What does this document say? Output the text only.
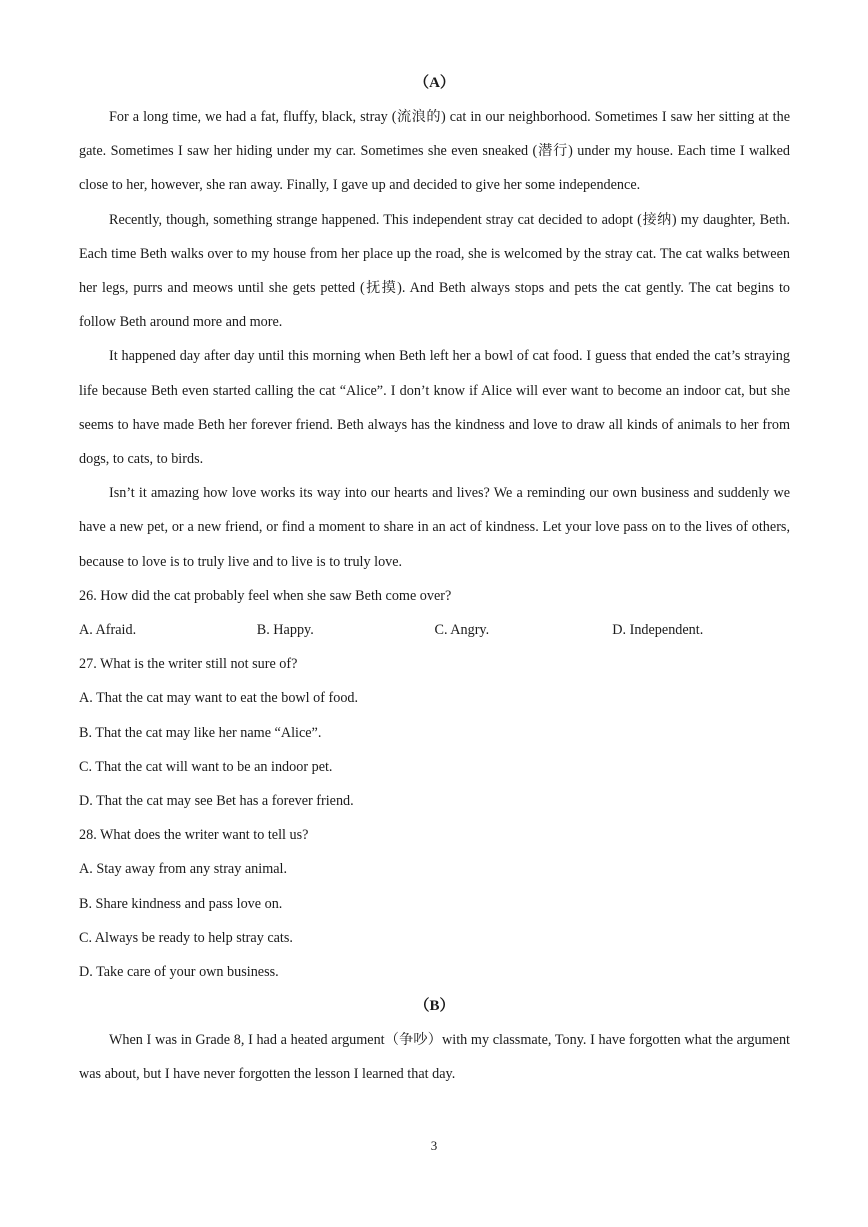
（A）

For a long time, we had a fat, fluffy, black, stray (流浪的) cat in our neighborhood. Sometimes I saw her sitting at the gate. Sometimes I saw her hiding under my car. Sometimes she even sneaked (潜行) under my house. Each time I walked close to her, however, she ran away. Finally, I gave up and decided to give her some independence.

Recently, though, something strange happened. This independent stray cat decided to adopt (接纳) my daughter, Beth. Each time Beth walks over to my house from her place up the road, she is welcomed by the stray cat. The cat walks between her legs, purrs and meows until she gets petted (抚摸). And Beth always stops and pets the cat gently. The cat begins to follow Beth around more and more.

It happened day after day until this morning when Beth left her a bowl of cat food. I guess that ended the cat’s straying life because Beth even started calling the cat “Alice”. I don’t know if Alice will ever want to become an indoor cat, but she seems to have made Beth her forever friend. Beth always has the kindness and love to draw all kinds of animals to her from dogs, to cats, to birds.

Isn’t it amazing how love works its way into our hearts and lives? We a reminding our own business and suddenly we have a new pet, or a new friend, or find a moment to share in an act of kindness. Let your love pass on to the lives of others, because to love is to truly live and to live is to truly love.

26. How did the cat probably feel when she saw Beth come over?

A. Afraid.	B. Happy.	C. Angry.	D. Independent.

27. What is the writer still not sure of?

A. That the cat may want to eat the bowl of food.

B. That the cat may like her name “Alice”.

C. That the cat will want to be an indoor pet.

D. That the cat may see Bet has a forever friend.

28. What does the writer want to tell us?

A. Stay away from any stray animal.

B. Share kindness and pass love on.

C. Always be ready to help stray cats.

D. Take care of your own business.

（B）

When I was in Grade 8, I had a heated argument（争吵）with my classmate, Tony. I have forgotten what the argument was about, but I have never forgotten the lesson I learned that day.

3
